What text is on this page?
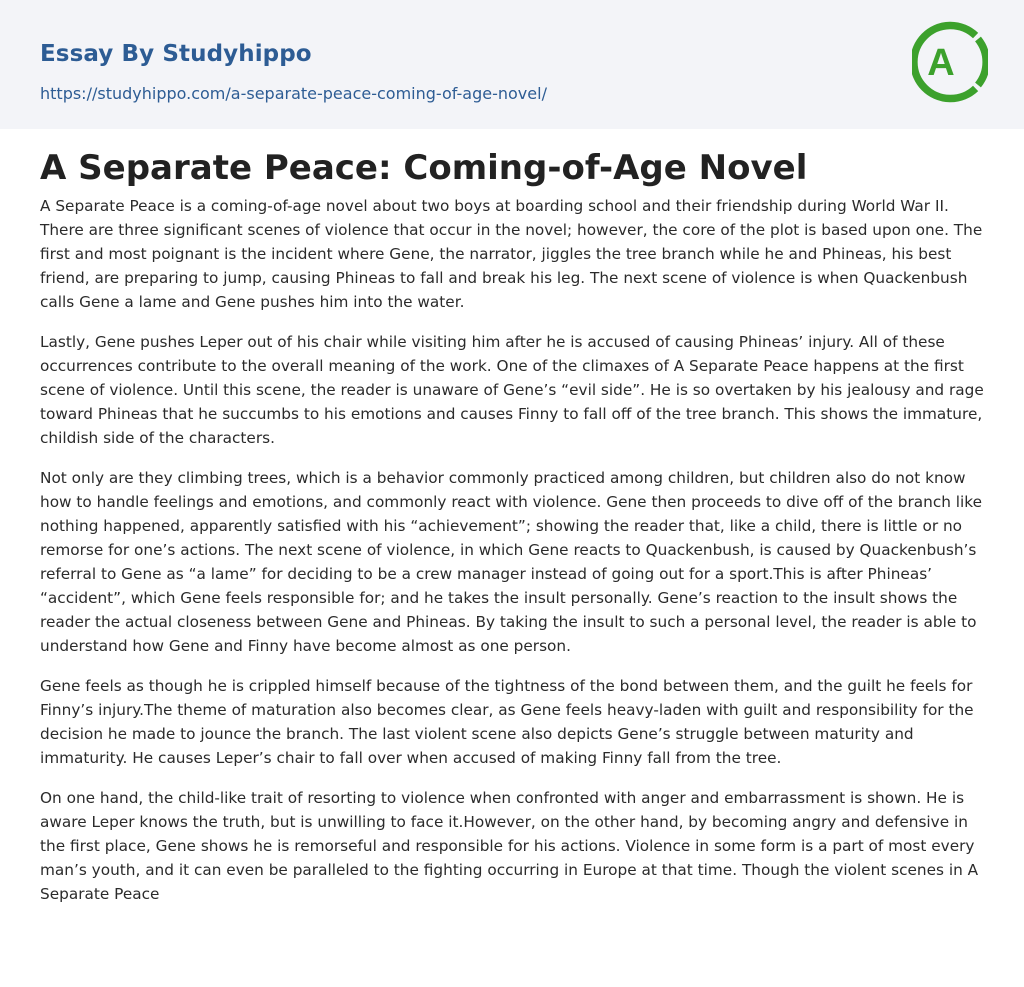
Essay By Studyhippo
https://studyhippo.com/a-separate-peace-coming-of-age-novel/
A
A Separate Peace: Coming-of-Age Novel

A Separate Peace is a coming-of-age novel about two boys at boarding school and their friendship during World War II. There are three significant scenes of violence that occur in the novel; however, the core of the plot is based upon one. The first and most poignant is the incident where Gene, the narrator, jiggles the tree branch while he and Phineas, his best friend, are preparing to jump, causing Phineas to fall and break his leg. The next scene of violence is when Quackenbush calls Gene a lame and Gene pushes him into the water.

Lastly, Gene pushes Leper out of his chair while visiting him after he is accused of causing Phineas’ injury. All of these occurrences contribute to the overall meaning of the work. One of the climaxes of A Separate Peace happens at the first scene of violence. Until this scene, the reader is unaware of Gene’s “evil side”. He is so overtaken by his jealousy and rage toward Phineas that he succumbs to his emotions and causes Finny to fall off of the tree branch. This shows the immature, childish side of the characters.

Not only are they climbing trees, which is a behavior commonly practiced among children, but children also do not know how to handle feelings and emotions, and commonly react with violence. Gene then proceeds to dive off of the branch like nothing happened, apparently satisfied with his “achievement”; showing the reader that, like a child, there is little or no remorse for one’s actions. The next scene of violence, in which Gene reacts to Quackenbush, is caused by Quackenbush’s referral to Gene as “a lame” for deciding to be a crew manager instead of going out for a sport.This is after Phineas’ “accident”, which Gene feels responsible for; and he takes the insult personally. Gene’s reaction to the insult shows the reader the actual closeness between Gene and Phineas. By taking the insult to such a personal level, the reader is able to understand how Gene and Finny have become almost as one person.

Gene feels as though he is crippled himself because of the tightness of the bond between them, and the guilt he feels for Finny’s injury.The theme of maturation also becomes clear, as Gene feels heavy-laden with guilt and responsibility for the decision he made to jounce the branch. The last violent scene also depicts Gene’s struggle between maturity and immaturity. He causes Leper’s chair to fall over when accused of making Finny fall from the tree.

On one hand, the child-like trait of resorting to violence when confronted with anger and embarrassment is shown. He is aware Leper knows the truth, but is unwilling to face it.However, on the other hand, by becoming angry and defensive in the first place, Gene shows he is remorseful and responsible for his actions. Violence in some form is a part of most every man’s youth, and it can even be paralleled to the fighting occurring in Europe at that time. Though the violent scenes in A Separate Peace
